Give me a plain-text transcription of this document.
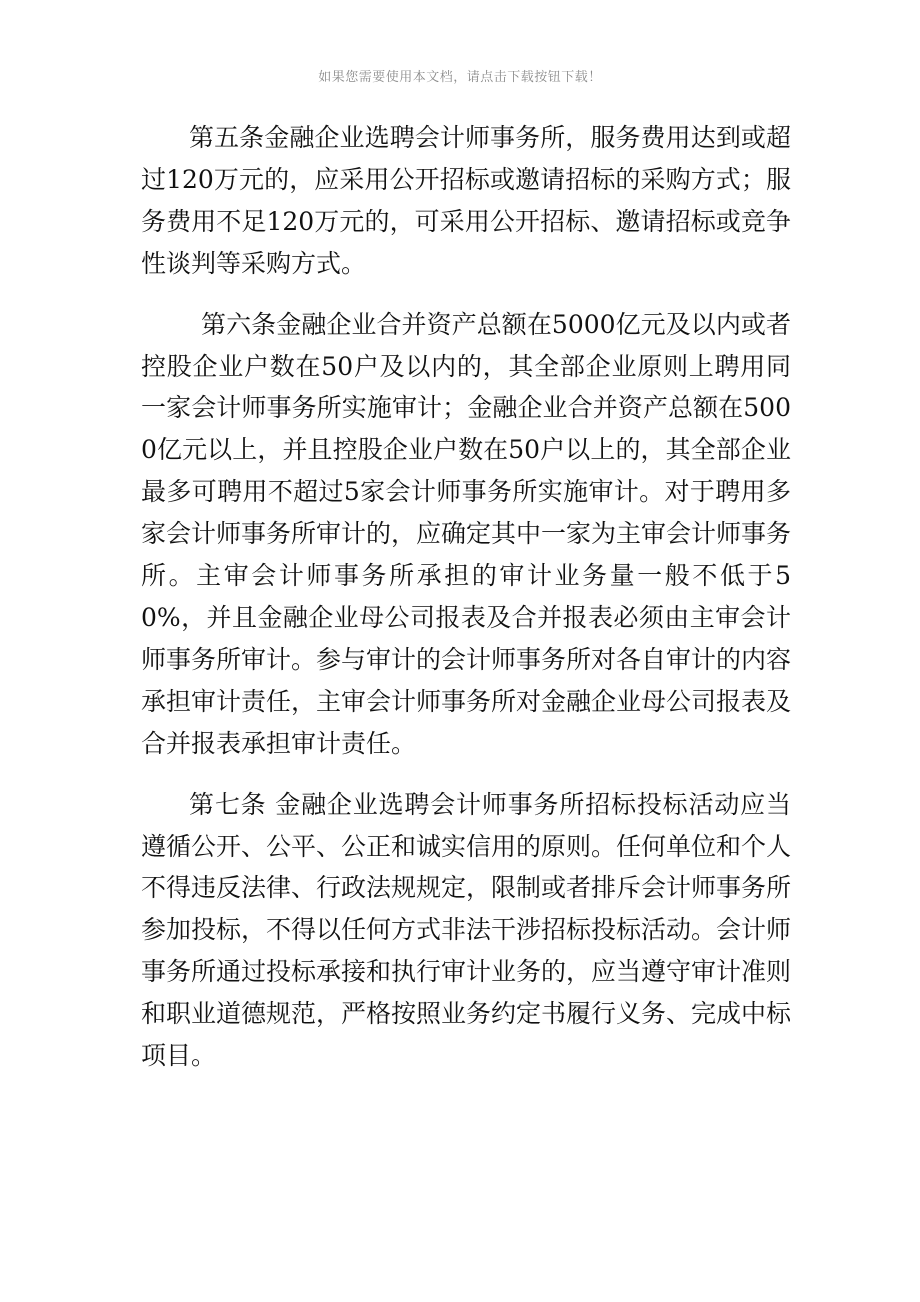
如果您需要使用本文档，请点击下载按钮下载！

第五条金融企业选聘会计师事务所，服务费用达到或超过120万元的，应采用公开招标或邀请招标的采购方式；服务费用不足120万元的，可采用公开招标、邀请招标或竞争性谈判等采购方式。

第六条金融企业合并资产总额在5000亿元及以内或者控股企业户数在50户及以内的，其全部企业原则上聘用同一家会计师事务所实施审计；金融企业合并资产总额在5000亿元以上，并且控股企业户数在50户以上的，其全部企业最多可聘用不超过5家会计师事务所实施审计。对于聘用多家会计师事务所审计的，应确定其中一家为主审会计师事务所。主审会计师事务所承担的审计业务量一般不低于50%，并且金融企业母公司报表及合并报表必须由主审会计师事务所审计。参与审计的会计师事务所对各自审计的内容承担审计责任，主审会计师事务所对金融企业母公司报表及合并报表承担审计责任。

第七条 金融企业选聘会计师事务所招标投标活动应当遵循公开、公平、公正和诚实信用的原则。任何单位和个人不得违反法律、行政法规规定，限制或者排斥会计师事务所参加投标，不得以任何方式非法干涉招标投标活动。会计师事务所通过投标承接和执行审计业务的，应当遵守审计准则和职业道德规范，严格按照业务约定书履行义务、完成中标项目。
